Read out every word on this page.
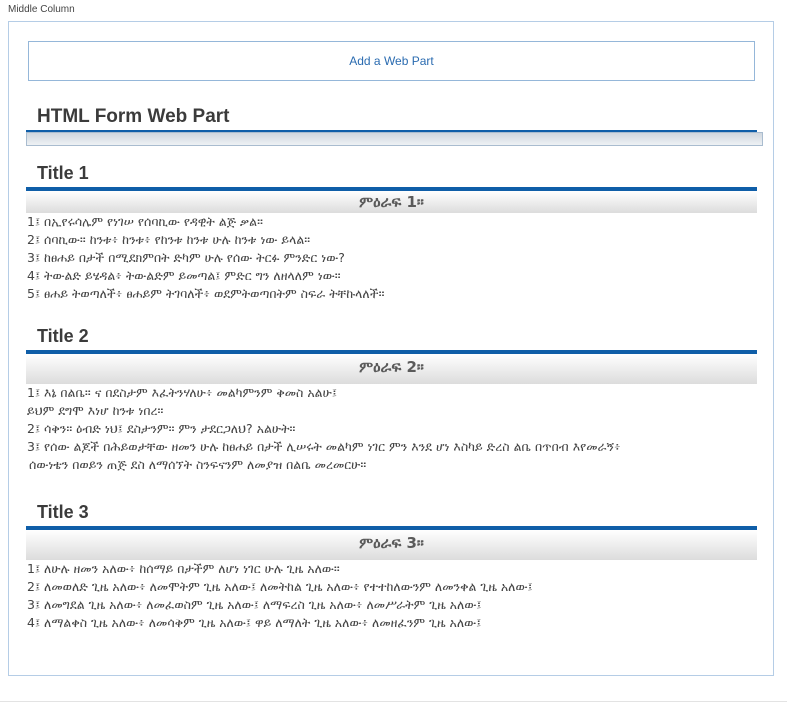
Middle Column
Add a Web Part
HTML Form Web Part
Title 1
ምዕራፍ 1።
1፤ በኢየሩሳሌም የነገሠ የሰባኪው የዳዊት ልጅ ቃል።
2፤ ሰባኪው። ከንቱ፥ ከንቱ፥ የከንቱ ከንቱ ሁሉ ከንቱ ነው ይላል።
3፤ ከፀሐይ በታች በሚደክምበት ድካም ሁሉ የሰው ትርፉ ምንድር ነው?
4፤ ትውልድ ይሄዳል፥ ትውልድም ይመጣል፤ ምድር ግን ለዘላለም ነው።
5፤ ፀሐይ ትወጣለች፥ ፀሐይም ትገባለች፥ ወደምትወጣበትም ስፍራ ትቸኩላለች።
Title 2
ምዕራፍ 2።
1፤ እኔ በልቤ። ና በደስታም እፈትንሃለሁ፥ መልካምንም ቅመስ አልሁ፤
ይህም ደግሞ እነሆ ከንቱ ነበረ።
2፤ ሳቅን። ዕብድ ነህ፤ ደስታንም። ምን ታደርጋለህ? አልሁት።
3፤ የሰው ልጆች በሕይወታቸው ዘመን ሁሉ ከፀሐይ በታች ሊሠሩት መልካም ነገር ምን እንደ ሆነ እስካይ ድረስ ልቤ በጥበብ እየመራኝ፥
ሰውነቴን በወይን ጠጅ ደስ ለማሰኘት ስንፍናንም ለመያዝ በልቤ መረመርሁ።
Title 3
ምዕራፍ 3።
1፤ ለሁሉ ዘመን አለው፥ ከሰማይ በታችም ለሆነ ነገር ሁሉ ጊዜ አለው።
2፤ ለመወለድ ጊዜ አለው፥ ለመሞትም ጊዜ አለው፤ ለመትከል ጊዜ አለው፥ የተተከለውንም ለመንቀል ጊዜ አለው፤
3፤ ለመግደል ጊዜ አለው፥ ለመፈወስም ጊዜ አለው፤ ለማፍረስ ጊዜ አለው፥ ለመሥራትም ጊዜ አለው፤
4፤ ለማልቀስ ጊዜ አለው፥ ለመሳቅም ጊዜ አለው፤ ዋይ ለማለት ጊዜ አለው፥ ለመዘፈንም ጊዜ አለው፤
